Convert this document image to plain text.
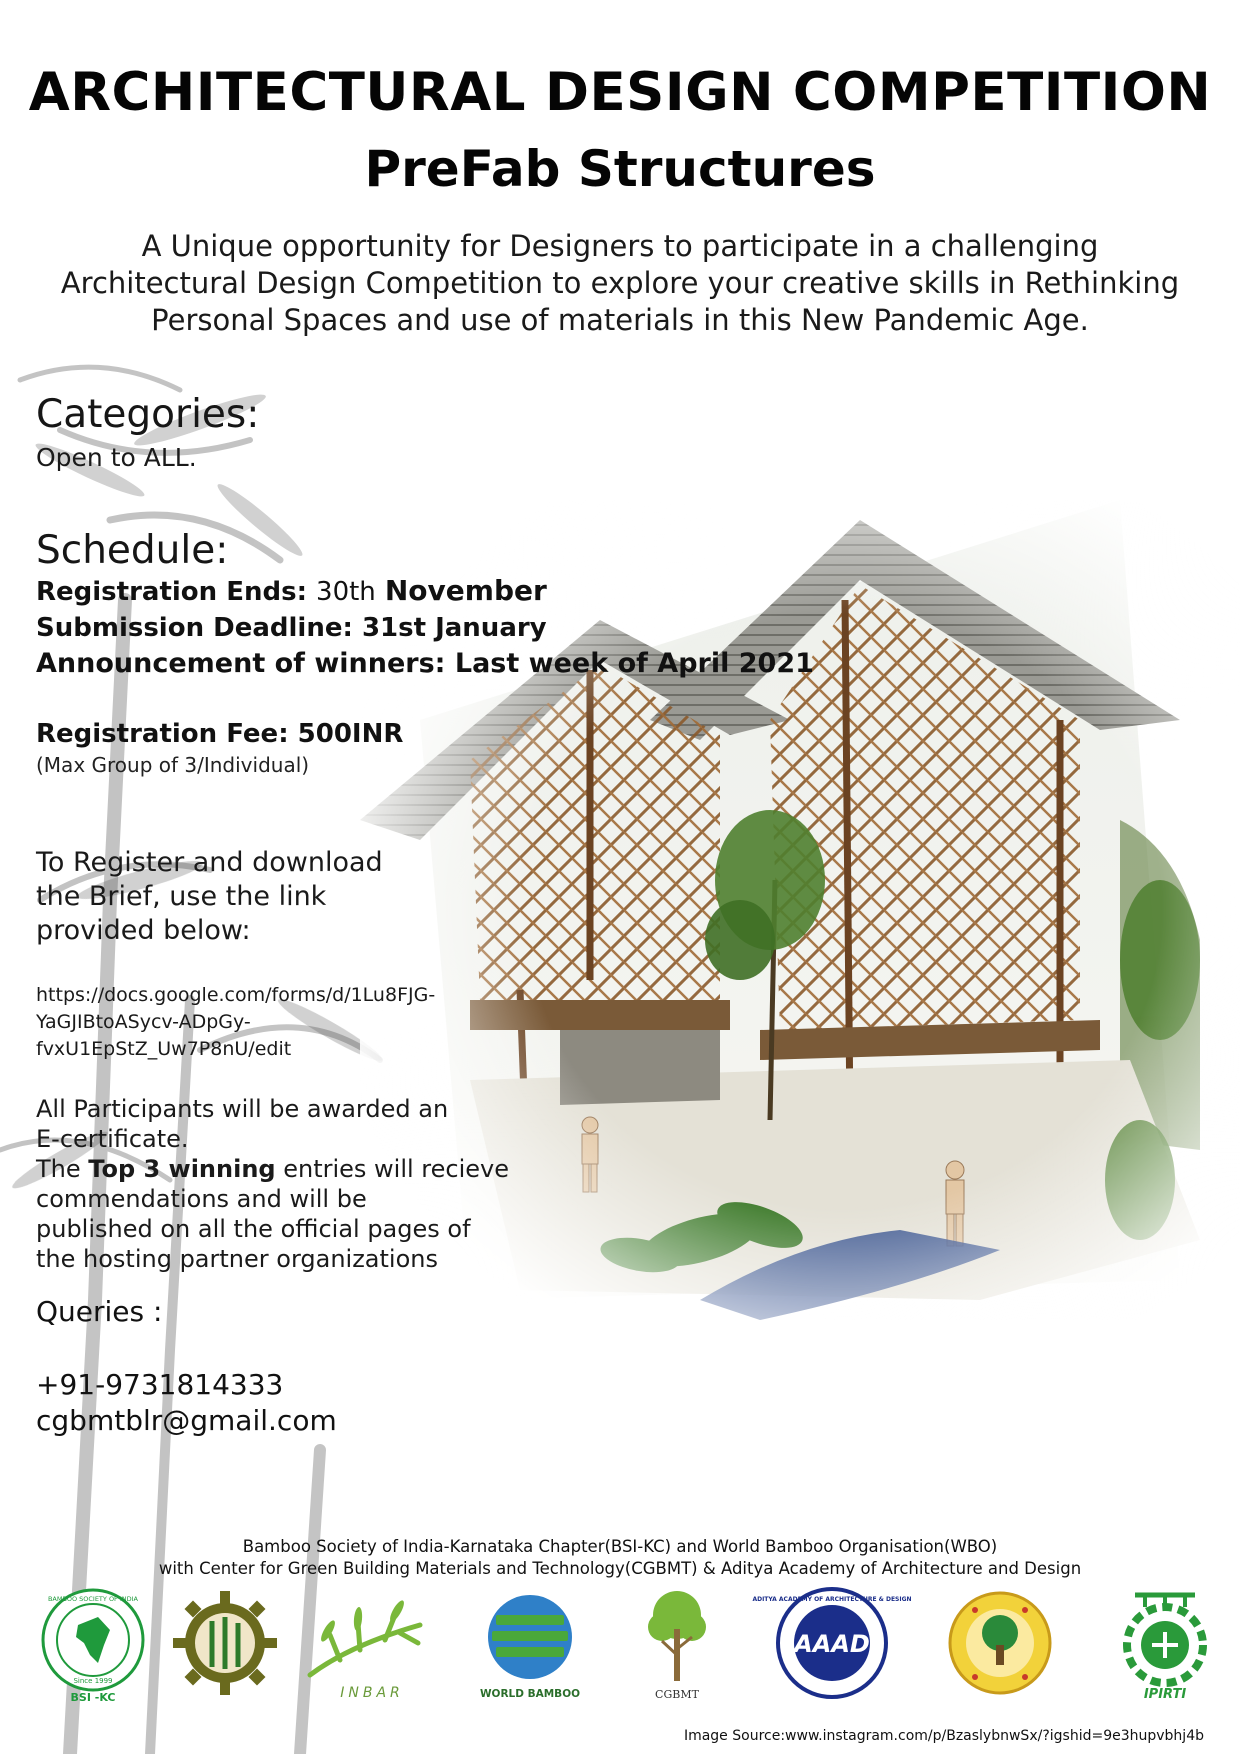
ARCHITECTURAL DESIGN COMPETITION
PreFab Structures
A Unique opportunity for Designers to participate in a challenging
Architectural Design Competition to explore your creative skills in Rethinking
Personal Spaces and use of materials in this New Pandemic Age.
Categories:
Open to ALL.
Schedule:
Registration Ends: 30th November
Submission Deadline: 31st January
Announcement of winners: Last week of April 2021
Registration Fee: 500INR
(Max Group of 3/Individual)
To Register and download
the Brief, use the link
provided below:
https://docs.google.com/forms/d/1Lu8FJG-
YaGJIBtoASycv-ADpGy-
fvxU1EpStZ_Uw7P8nU/edit
All Participants will be awarded an
E-certificate.
The Top 3 winning entries will recieve
commendations and will be
published on all the official pages of
the hosting partner organizations
Queries :
+91-9731814333
cgbmtblr@gmail.com
Bamboo Society of India-Karnataka Chapter(BSI-KC) and World Bamboo Organisation(WBO)
with Center for Green Building Materials and Technology(CGBMT) & Aditya Academy of Architecture and Design
BAMBOO SOCIETY OF INDIA
Since 1999
BSI -KC	INBAR	WORLD BAMBOO	CGBMT
ADITYA ACADEMY OF ARCHITECTURE & DESIGN
AAAD
IPIRTI
Image Source:www.instagram.com/p/BzaslybnwSx/?igshid=9e3hupvbhj4b
